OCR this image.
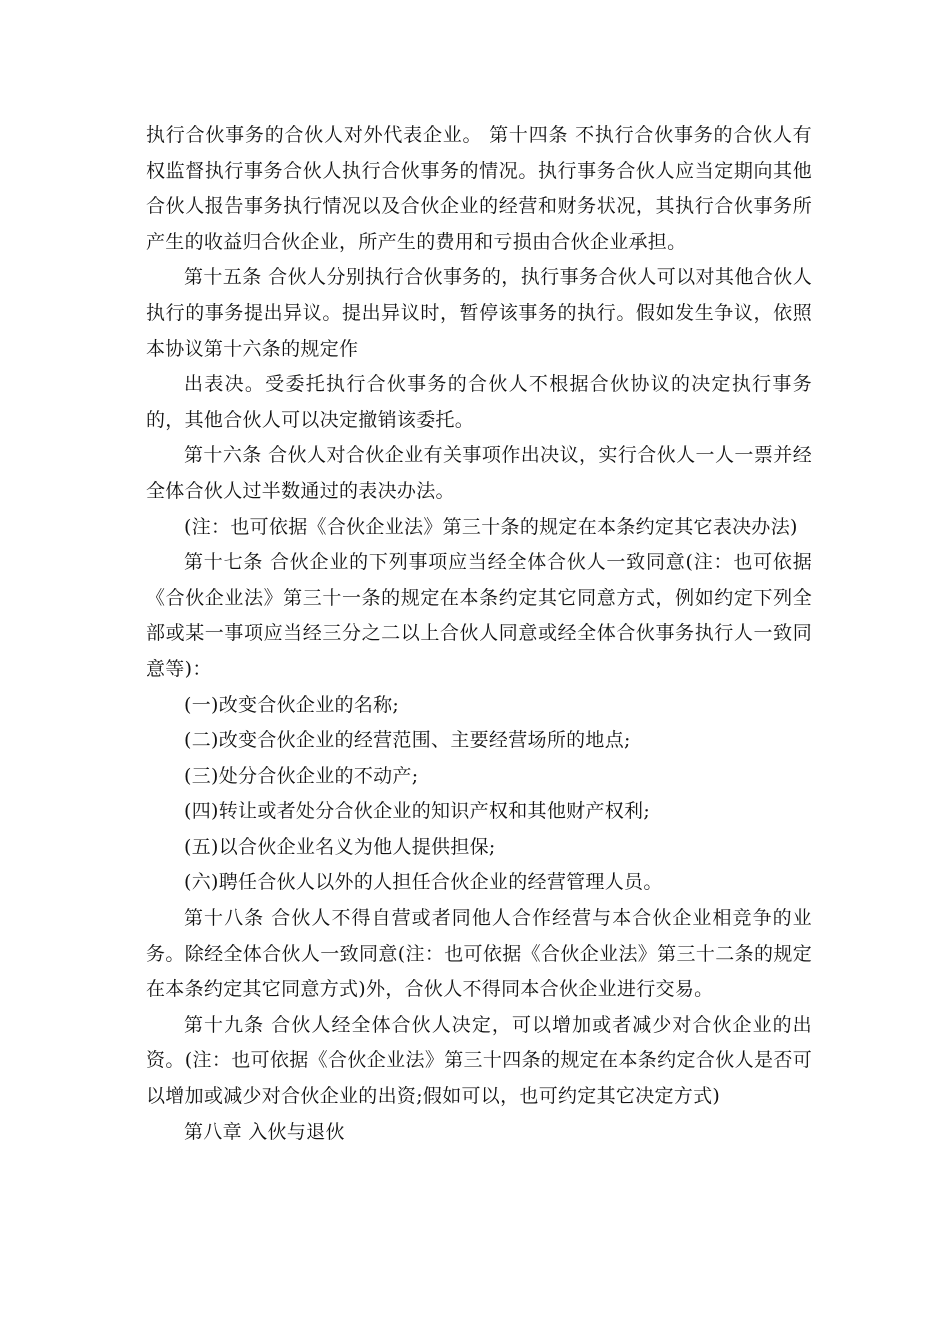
执行合伙事务的合伙人对外代表企业。 第十四条 不执行合伙事务的合伙人有权监督执行事务合伙人执行合伙事务的情况。执行事务合伙人应当定期向其他合伙人报告事务执行情况以及合伙企业的经营和财务状况，其执行合伙事务所产生的收益归合伙企业，所产生的费用和亏损由合伙企业承担。

第十五条 合伙人分别执行合伙事务的，执行事务合伙人可以对其他合伙人执行的事务提出异议。提出异议时，暂停该事务的执行。假如发生争议，依照本协议第十六条的规定作

出表决。受委托执行合伙事务的合伙人不根据合伙协议的决定执行事务的，其他合伙人可以决定撤销该委托。

第十六条 合伙人对合伙企业有关事项作出决议，实行合伙人一人一票并经全体合伙人过半数通过的表决办法。

(注：也可依据《合伙企业法》第三十条的规定在本条约定其它表决办法)

第十七条 合伙企业的下列事项应当经全体合伙人一致同意(注：也可依据《合伙企业法》第三十一条的规定在本条约定其它同意方式，例如约定下列全部或某一事项应当经三分之二以上合伙人同意或经全体合伙事务执行人一致同意等)：

(一)改变合伙企业的名称;

(二)改变合伙企业的经营范围、主要经营场所的地点;

(三)处分合伙企业的不动产;

(四)转让或者处分合伙企业的知识产权和其他财产权利;

(五)以合伙企业名义为他人提供担保;

(六)聘任合伙人以外的人担任合伙企业的经营管理人员。

第十八条 合伙人不得自营或者同他人合作经营与本合伙企业相竞争的业务。除经全体合伙人一致同意(注：也可依据《合伙企业法》第三十二条的规定在本条约定其它同意方式)外，合伙人不得同本合伙企业进行交易。

第十九条 合伙人经全体合伙人决定，可以增加或者减少对合伙企业的出资。(注：也可依据《合伙企业法》第三十四条的规定在本条约定合伙人是否可以增加或减少对合伙企业的出资;假如可以，也可约定其它决定方式)

第八章 入伙与退伙
